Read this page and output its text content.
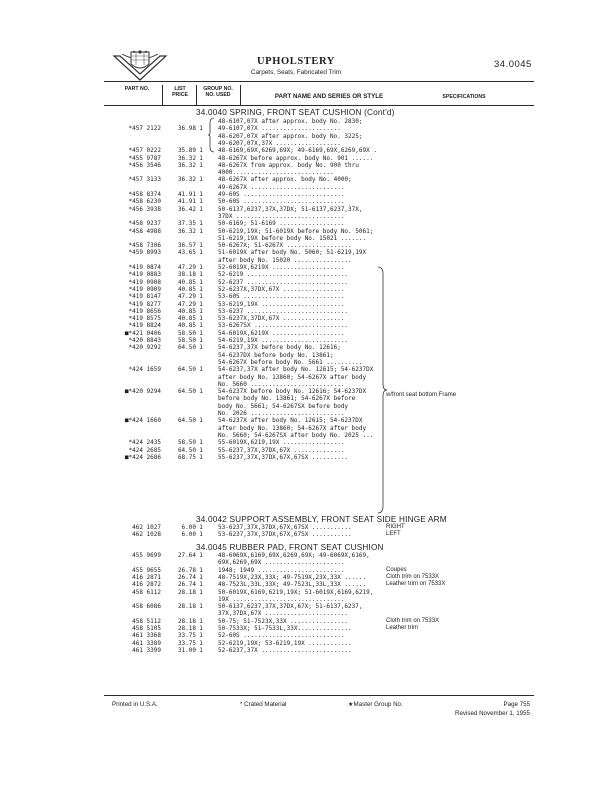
UPHOLSTERY
Carpets, Seats, Fabricated Trim
34.0045
PART NO.	LIST PRICE
GROUP NO. NO. USED	PART NAME AND SERIES OR STYLE	SPECIFICATIONS
34.0040 SPRING, FRONT SEAT CUSHION (Cont'd)
34.0042 SUPPORT ASSEMBLY, FRONT SEAT SIDE HINGE ARM
34.0045 RUBBER PAD, FRONT SEAT CUSHION
48-6107,07X after approx. body No. 2830;
*457 2122	36.98 1	49-6107,07X ......................
48-6207,07X after approx. body No. 3225;
49-6207,07X,37X ..................
*457 0222	35.89 1	48-6169,69X,6269,69X; 49-6169,69X,6269,69X .
*455 9787	36.32 1	48-6267X before approx. body No. 901 ......
*456 3546	36.32 1	48-6267X from approx. body No. 900 thru
4000............................
*457 3133	36.32 1	48-6267X after approx. body No. 4000;
49-6267X ..........................
*458 8374	41.91 1	49-60S ............................
*458 6230	41.91 1	50-60S ............................
*456 3938	36.42 1	50-6137,6237,37X,37DX; 51-6137,6237,37X,
37DX ..............................
*458 9237	37.35 1	50-6169; 51-6169 ..................
*458 4988	36.32 1	50-6219,19X; 51-6019X before body No. 5061;
51-6219,19X before body No. 15021 .......
*458 7306	36.57 1	50-6267X; 51-6267X ..................
*459 8993	43.65 1	51-6019X after body No. 5060; 51-6219,19X
after body No. 15020 ................
*419 0874	47.29 1	52-6019X,6219X ....................
*419 0883	38.18 1	52-6219 ............................
*419 0908	40.85 1	52-6237 ............................
*419 0909	40.85 1	52-6237X,37DX,67X .................
*419 8147	47.29 1	53-60S ............................
*419 8277	47.29 1	53-6219,19X .......................
*419 8656	40.85 1	53-6237 ............................
*419 8575	40.85 1	53-6237X,37DX,67X .................
*419 8824	40.85 1	53-6267SX ..........................
■*421 0406	58.50 1	54-6019X,6219X ....................
*420 8843	58.50 1	54-6219,19X ........................
*420 9292	64.50 1	54-6237,37X before body No. 12616;
54-6237DX before body No. 13861;
54-6267X before body No. 5661 ..........
*424 1659	64.50 1	54-6237,37X after body No. 12615; 54-6237DX
after body No. 13860; 54-6267X after body
No. 5660 ..........................
■*420 9294	64.50 1	54-6237X before body No. 12616; 54-6237DX
before body No. 13861; 54-6267X before
body No. 5661; 54-6267SX before body
No. 2026 ..........................
■*424 1660	64.50 1	54-6237X after body No. 12615; 54-6237DX
after body No. 13860; 54-6267X after body
No. 5660; 54-6267SX after body No. 2025 ...
*424 2435	58.50 1	55-6019X,6219,19X .................
*424 2685	64.50 1	55-6237,37X,37DX,67X ..............
■*424 2686	68.75 1	55-6237,37X,37DX,67X,67SX ..........
462 1027	6.00 1	53-6237,37X,37DX,67X,67SX ...........	RIGHT
462 1028	6.00 1	53-6237,37X,37DX,67X,67SX ...........	LEFT
455 9699	27.64 1	48-6069X,6169,69X,6269,69X; 49-6069X,6169,
69X,6269,69X ......................
455 9655	26.78 1	1948; 1949 ........................	Coupes
416 2871	26.74 1	48-7519X,23X,33X; 49-7519X,23X,33X ......	Cloth trim on 7533X
416 2872	26.74 1	48-7523L,33L,33X; 49-7523L,33L,33X ......	Leather trim on 7533X
458 6112	28.18 1	50-6019X,6169,6219,19X; 51-6019X,6169,6219,
19X ...............................
458 6086	28.18 1	50-6137,6237,37X,37DX,67X; 51-6137,6237,
37X,37DX,67X .......................
458 5112	28.18 1	50-75; 51-7523X,33X ................	Cloth trim on 7533X
458 5105	28.18 1	50-7533X; 51-7533L,33X...............	Leather trim
461 3368	33.75 1	52-60S ............................
461 3389	33.75 1	52-6219,19X; 53-6219,19X ............
461 3399	31.00 1	52-6237,37X .........................
w/front seat bottom Frame
Printed in U.S.A.	* Crated Material	★Master Group No.	Page 755
Revised November 1, 1955
